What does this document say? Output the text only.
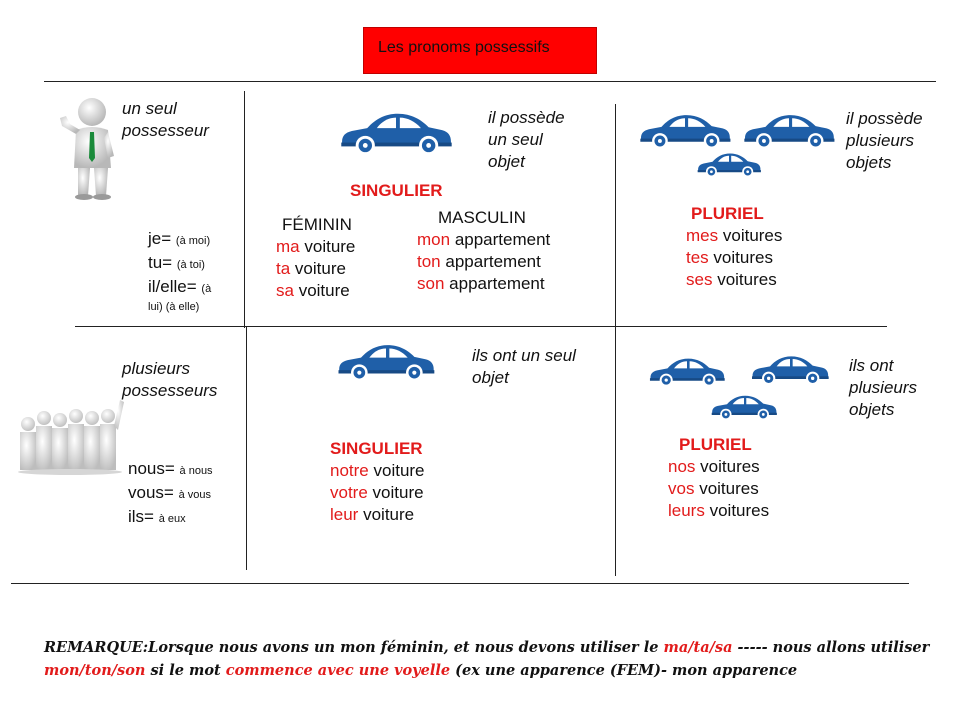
Les pronoms possessifs
un seul
possesseur
je= (à moi)
tu= (à toi)
il/elle= (à
lui) (à elle)
il possède
un seul
objet
SINGULIER
FÉMININ
ma voiture
ta voiture
sa voiture
MASCULIN
mon appartement
ton appartement
son appartement
il possède
plusieurs
objets
PLURIEL
mes voitures
tes voitures
ses voitures
plusieurs
possesseurs
nous= à nous
vous= à vous
ils= à eux
ils ont un seul
objet
SINGULIER
notre voiture
votre voiture
leur voiture
ils ont
plusieurs
objets
PLURIEL
nos voitures
vos voitures
leurs voitures
REMARQUE:Lorsque nous avons un mon féminin, et nous devons utiliser le ma/ta/sa ----- nous allons utiliser mon/ton/son si le mot commence avec une voyelle (ex une apparence (FEM)- mon apparence
